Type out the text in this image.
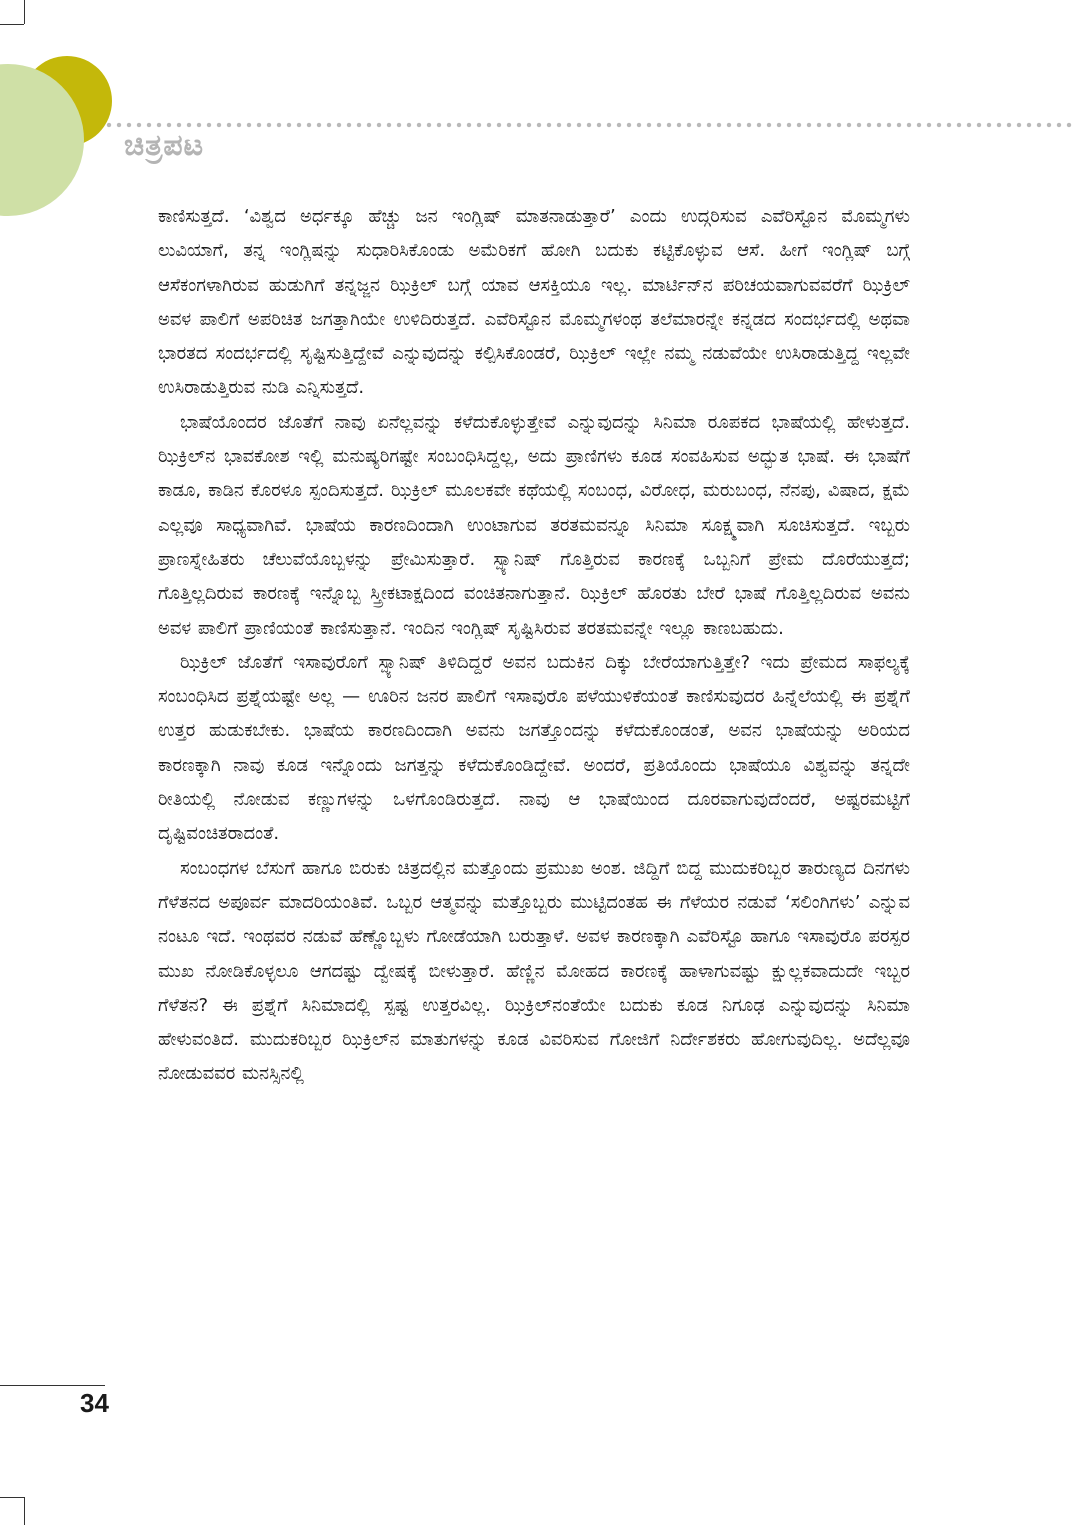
ಚಿತ್ರಪಟ

ಕಾಣಿಸುತ್ತದೆ. ‘ವಿಶ್ವದ ಅರ್ಧಕ್ಕೂ ಹೆಚ್ಚು ಜನ ಇಂಗ್ಲಿಷ್ ಮಾತನಾಡುತ್ತಾರೆ’ ಎಂದು ಉದ್ಗರಿಸುವ ಎವೆರಿಸ್ಟೊನ ಮೊಮ್ಮಗಳು ಲುವಿಯಾಗೆ, ತನ್ನ ಇಂಗ್ಲಿಷನ್ನು ಸುಧಾರಿಸಿಕೊಂಡು ಅಮೆರಿಕಗೆ ಹೋಗಿ ಬದುಕು ಕಟ್ಟಿಕೊಳ್ಳುವ ಆಸೆ. ಹೀಗೆ ಇಂಗ್ಲಿಷ್ ಬಗ್ಗೆ ಆಸೆಕಂಗಳಾಗಿರುವ ಹುಡುಗಿಗೆ ತನ್ನಜ್ಜನ ಝಿಕ್ರಿಲ್ ಬಗ್ಗೆ ಯಾವ ಆಸಕ್ತಿಯೂ ಇಲ್ಲ. ಮಾರ್ಟಿನ್‌ನ ಪರಿಚಯವಾಗುವವರೆಗೆ ಝಿಕ್ರಿಲ್ ಅವಳ ಪಾಲಿಗೆ ಅಪರಿಚಿತ ಜಗತ್ತಾಗಿಯೇ ಉಳಿದಿರುತ್ತದೆ. ಎವೆರಿಸ್ಟೊನ ಮೊಮ್ಮಗಳಂಥ ತಲೆಮಾರನ್ನೇ ಕನ್ನಡದ ಸಂದರ್ಭದಲ್ಲಿ ಅಥವಾ ಭಾರತದ ಸಂದರ್ಭದಲ್ಲಿ ಸೃಷ್ಟಿಸುತ್ತಿದ್ದೇವೆ ಎನ್ನುವುದನ್ನು ಕಲ್ಪಿಸಿಕೊಂಡರೆ, ಝಿಕ್ರಿಲ್ ಇಲ್ಲೇ ನಮ್ಮ ನಡುವೆಯೇ ಉಸಿರಾಡುತ್ತಿದ್ದ ಇಲ್ಲವೇ ಉಸಿರಾಡುತ್ತಿರುವ ನುಡಿ ಎನ್ನಿಸುತ್ತದೆ.

ಭಾಷೆಯೊಂದರ ಜೊತೆಗೆ ನಾವು ಏನೆಲ್ಲವನ್ನು ಕಳೆದುಕೊಳ್ಳುತ್ತೇವೆ ಎನ್ನುವುದನ್ನು ಸಿನಿಮಾ ರೂಪಕದ ಭಾಷೆಯಲ್ಲಿ ಹೇಳುತ್ತದೆ. ಝಿಕ್ರಿಲ್‌ನ ಭಾವಕೋಶ ಇಲ್ಲಿ ಮನುಷ್ಯರಿಗಷ್ಟೇ ಸಂಬಂಧಿಸಿದ್ದಲ್ಲ, ಅದು ಪ್ರಾಣಿಗಳು ಕೂಡ ಸಂವಹಿಸುವ ಅದ್ಭುತ ಭಾಷೆ. ಈ ಭಾಷೆಗೆ ಕಾಡೂ, ಕಾಡಿನ ಕೊರಳೂ ಸ್ಪಂದಿಸುತ್ತದೆ. ಝಿಕ್ರಿಲ್ ಮೂಲಕವೇ ಕಥೆಯಲ್ಲಿ ಸಂಬಂಧ, ವಿರೋಧ, ಮರುಬಂಧ, ನೆನಪು, ವಿಷಾದ, ಕ್ಷಮೆ ಎಲ್ಲವೂ ಸಾಧ್ಯವಾಗಿವೆ. ಭಾಷೆಯ ಕಾರಣದಿಂದಾಗಿ ಉಂಟಾಗುವ ತರತಮವನ್ನೂ ಸಿನಿಮಾ ಸೂಕ್ಷ್ಮವಾಗಿ ಸೂಚಿಸುತ್ತದೆ. ಇಬ್ಬರು ಪ್ರಾಣಸ್ನೇಹಿತರು ಚೆಲುವೆಯೊಬ್ಬಳನ್ನು ಪ್ರೇಮಿಸುತ್ತಾರೆ. ಸ್ಪ್ಯಾನಿಷ್ ಗೊತ್ತಿರುವ ಕಾರಣಕ್ಕೆ ಒಬ್ಬನಿಗೆ ಪ್ರೇಮ ದೊರೆಯುತ್ತದೆ; ಗೊತ್ತಿಲ್ಲದಿರುವ ಕಾರಣಕ್ಕೆ ಇನ್ನೊಬ್ಬ ಸ್ತ್ರೀಕಟಾಕ್ಷದಿಂದ ವಂಚಿತನಾಗುತ್ತಾನೆ. ಝಿಕ್ರಿಲ್ ಹೊರತು ಬೇರೆ ಭಾಷೆ ಗೊತ್ತಿಲ್ಲದಿರುವ ಅವನು ಅವಳ ಪಾಲಿಗೆ ಪ್ರಾಣಿಯಂತೆ ಕಾಣಿಸುತ್ತಾನೆ. ಇಂದಿನ ಇಂಗ್ಲಿಷ್ ಸೃಷ್ಟಿಸಿರುವ ತರತಮವನ್ನೇ ಇಲ್ಲೂ ಕಾಣಬಹುದು.

ಝಿಕ್ರಿಲ್ ಜೊತೆಗೆ ಇಸಾವುರೊಗೆ ಸ್ಪ್ಯಾನಿಷ್ ತಿಳಿದಿದ್ದರೆ ಅವನ ಬದುಕಿನ ದಿಕ್ಕು ಬೇರೆಯಾಗುತ್ತಿತ್ತೇ? ಇದು ಪ್ರೇಮದ ಸಾಫಲ್ಯಕ್ಕೆ ಸಂಬಂಧಿಸಿದ ಪ್ರಶ್ನೆಯಷ್ಟೇ ಅಲ್ಲ — ಊರಿನ ಜನರ ಪಾಲಿಗೆ ಇಸಾವುರೊ ಪಳೆಯುಳಿಕೆಯಂತೆ ಕಾಣಿಸುವುದರ ಹಿನ್ನೆಲೆಯಲ್ಲಿ ಈ ಪ್ರಶ್ನೆಗೆ ಉತ್ತರ ಹುಡುಕಬೇಕು. ಭಾಷೆಯ ಕಾರಣದಿಂದಾಗಿ ಅವನು ಜಗತ್ತೊಂದನ್ನು ಕಳೆದುಕೊಂಡಂತೆ, ಅವನ ಭಾಷೆಯನ್ನು ಅರಿಯದ ಕಾರಣಕ್ಕಾಗಿ ನಾವು ಕೂಡ ಇನ್ನೊಂದು ಜಗತ್ತನ್ನು ಕಳೆದುಕೊಂಡಿದ್ದೇವೆ. ಅಂದರೆ, ಪ್ರತಿಯೊಂದು ಭಾಷೆಯೂ ವಿಶ್ವವನ್ನು ತನ್ನದೇ ರೀತಿಯಲ್ಲಿ ನೋಡುವ ಕಣ್ಣುಗಳನ್ನು ಒಳಗೊಂಡಿರುತ್ತದೆ. ನಾವು ಆ ಭಾಷೆಯಿಂದ ದೂರವಾಗುವುದೆಂದರೆ, ಅಷ್ಟರಮಟ್ಟಿಗೆ ದೃಷ್ಟಿವಂಚಿತರಾದಂತೆ.

ಸಂಬಂಧಗಳ ಬೆಸುಗೆ ಹಾಗೂ ಬಿರುಕು ಚಿತ್ರದಲ್ಲಿನ ಮತ್ತೊಂದು ಪ್ರಮುಖ ಅಂಶ. ಜಿದ್ದಿಗೆ ಬಿದ್ದ ಮುದುಕರಿಬ್ಬರ ತಾರುಣ್ಯದ ದಿನಗಳು ಗೆಳೆತನದ ಅಪೂರ್ವ ಮಾದರಿಯಂತಿವೆ. ಒಬ್ಬರ ಆತ್ಮವನ್ನು ಮತ್ತೊಬ್ಬರು ಮುಟ್ಟಿದಂತಹ ಈ ಗೆಳೆಯರ ನಡುವೆ ‘ಸಲಿಂಗಿಗಳು’ ಎನ್ನುವ ನಂಟೂ ಇದೆ. ಇಂಥವರ ನಡುವೆ ಹೆಣ್ಣೊಬ್ಬಳು ಗೋಡೆಯಾಗಿ ಬರುತ್ತಾಳೆ. ಅವಳ ಕಾರಣಕ್ಕಾಗಿ ಎವೆರಿಸ್ಟೊ ಹಾಗೂ ಇಸಾವುರೊ ಪರಸ್ಪರ ಮುಖ ನೋಡಿಕೊಳ್ಳಲೂ ಆಗದಷ್ಟು ದ್ವೇಷಕ್ಕೆ ಬೀಳುತ್ತಾರೆ. ಹೆಣ್ಣಿನ ಮೋಹದ ಕಾರಣಕ್ಕೆ ಹಾಳಾಗುವಷ್ಟು ಕ್ಷುಲ್ಲಕವಾದುದೇ ಇಬ್ಬರ ಗೆಳೆತನ? ಈ ಪ್ರಶ್ನೆಗೆ ಸಿನಿಮಾದಲ್ಲಿ ಸ್ಪಷ್ಟ ಉತ್ತರವಿಲ್ಲ. ಝಿಕ್ರಿಲ್‌ನಂತೆಯೇ ಬದುಕು ಕೂಡ ನಿಗೂಢ ಎನ್ನುವುದನ್ನು ಸಿನಿಮಾ ಹೇಳುವಂತಿದೆ. ಮುದುಕರಿಬ್ಬರ ಝಿಕ್ರಿಲ್‌ನ ಮಾತುಗಳನ್ನು ಕೂಡ ವಿವರಿಸುವ ಗೋಜಿಗೆ ನಿರ್ದೇಶಕರು ಹೋಗುವುದಿಲ್ಲ. ಅದೆಲ್ಲವೂ ನೋಡುವವರ ಮನಸ್ಸಿನಲ್ಲಿ

34
